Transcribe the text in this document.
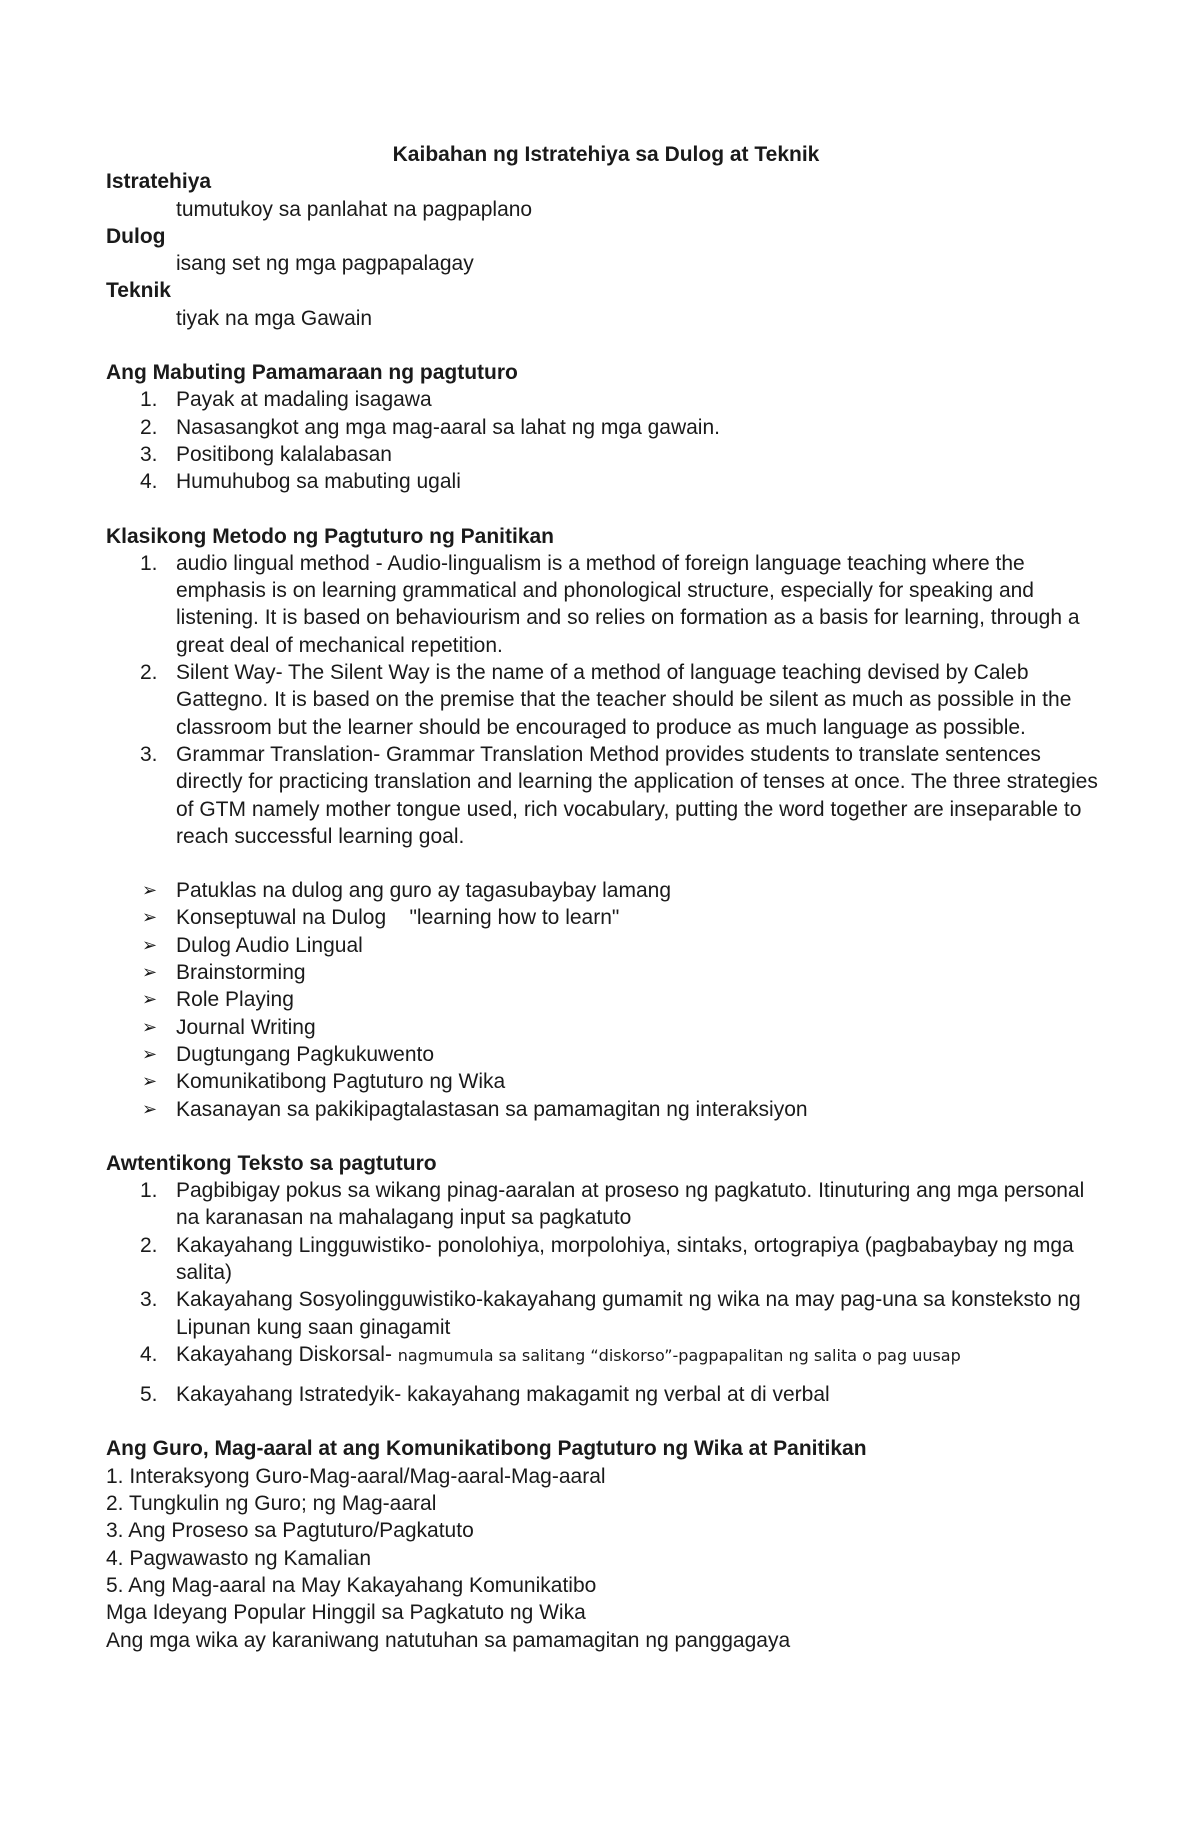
Kaibahan ng Istratehiya sa Dulog at Teknik
Istratehiya
tumutukoy sa panlahat na pagpaplano
Dulog
isang set ng mga pagpapalagay
Teknik
tiyak na mga Gawain
Ang Mabuting Pamamaraan ng pagtuturo
1. Payak at madaling isagawa
2. Nasasangkot ang mga mag-aaral sa lahat ng mga gawain.
3. Positibong kalalabasan
4. Humuhubog sa mabuting ugali
Klasikong Metodo ng Pagtuturo ng Panitikan
1. audio lingual method - Audio-lingualism is a method of foreign language teaching where the emphasis is on learning grammatical and phonological structure, especially for speaking and listening. It is based on behaviourism and so relies on formation as a basis for learning, through a great deal of mechanical repetition.
2. Silent Way- The Silent Way is the name of a method of language teaching devised by Caleb Gattegno. It is based on the premise that the teacher should be silent as much as possible in the classroom but the learner should be encouraged to produce as much language as possible.
3. Grammar Translation- Grammar Translation Method provides students to translate sentences directly for practicing translation and learning the application of tenses at once. The three strategies of GTM namely mother tongue used, rich vocabulary, putting the word together are inseparable to reach successful learning goal.
➢ Patuklas na dulog ang guro ay tagasubaybay lamang
➢ Konseptuwal na Dulog    "learning how to learn"
➢ Dulog Audio Lingual
➢ Brainstorming
➢ Role Playing
➢ Journal Writing
➢ Dugtungang Pagkukuwento
➢ Komunikatibong Pagtuturo ng Wika
➢ Kasanayan sa pakikipagtalastasan sa pamamagitan ng interaksiyon
Awtentikong Teksto sa pagtuturo
1. Pagbibigay pokus sa wikang pinag-aaralan at proseso ng pagkatuto. Itinuturing ang mga personal na karanasan na mahalagang input sa pagkatuto
2. Kakayahang Lingguwistiko- ponolohiya, morpolohiya, sintaks, ortograpiya (pagbabaybay ng mga salita)
3. Kakayahang Sosyolingguwistiko-kakayahang gumamit ng wika na may pag-una sa konsteksto ng Lipunan kung saan ginagamit
4. Kakayahang Diskorsal- nagmumula sa salitang “diskorso”-pagpapalitan ng salita o pag uusap
5. Kakayahang Istratedyik- kakayahang makagamit ng verbal at di verbal
Ang Guro, Mag-aaral at ang Komunikatibong Pagtuturo ng Wika at Panitikan
1. Interaksyong Guro-Mag-aaral/Mag-aaral-Mag-aaral
2. Tungkulin ng Guro; ng Mag-aaral
3. Ang Proseso sa Pagtuturo/Pagkatuto
4. Pagwawasto ng Kamalian
5. Ang Mag-aaral na May Kakayahang Komunikatibo
Mga Ideyang Popular Hinggil sa Pagkatuto ng Wika
Ang mga wika ay karaniwang natutuhan sa pamamagitan ng panggagaya
